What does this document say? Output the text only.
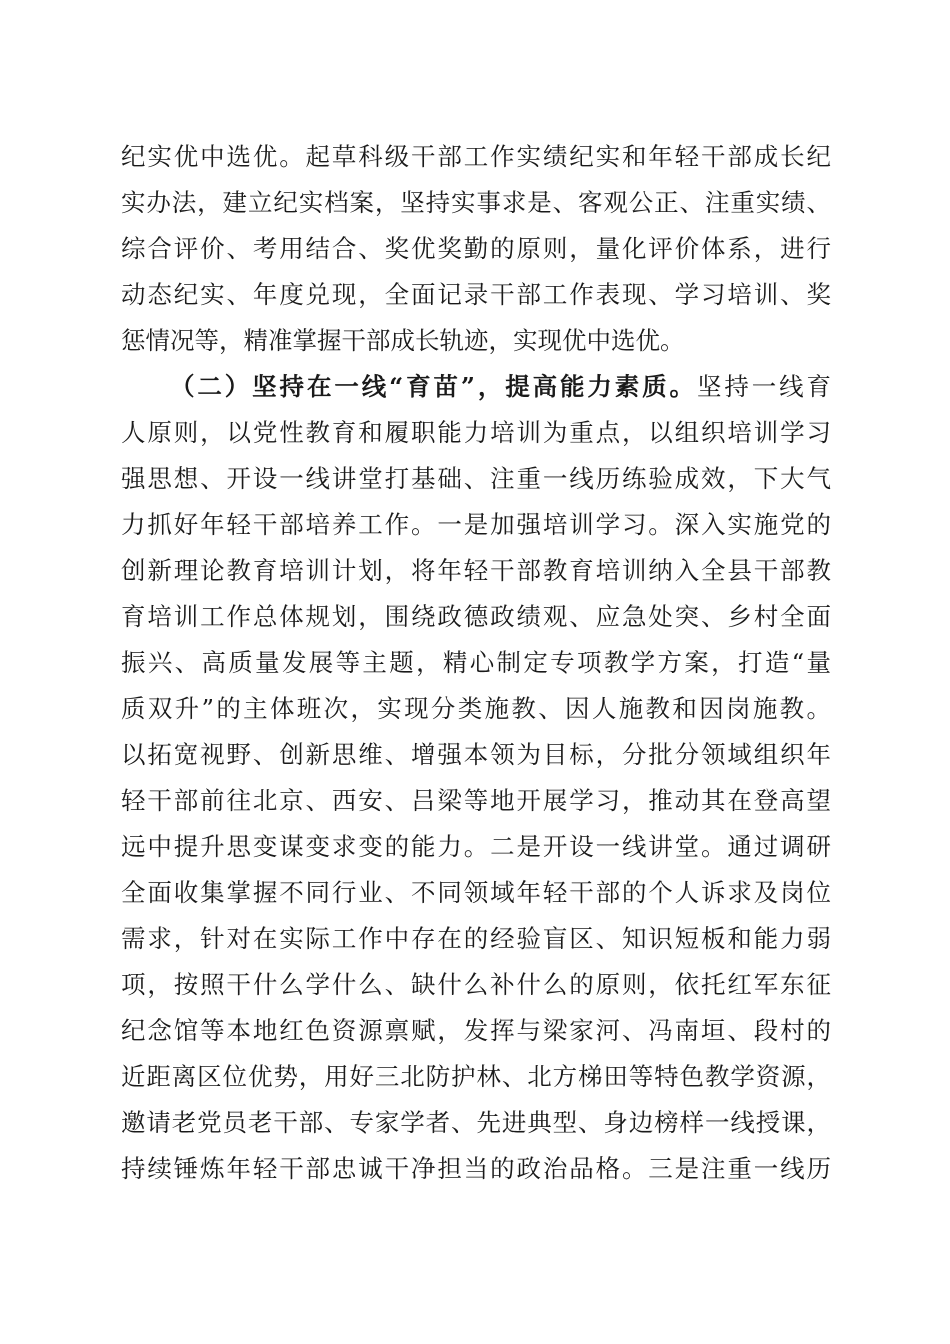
纪实优中选优。起草科级干部工作实绩纪实和年轻干部成长纪
实办法，建立纪实档案，坚持实事求是、客观公正、注重实绩、
综合评价、考用结合、奖优奖勤的原则，量化评价体系，进行
动态纪实、年度兑现，全面记录干部工作表现、学习培训、奖
惩情况等，精准掌握干部成长轨迹，实现优中选优。
（二）坚持在一线“育苗”，提高能力素质。坚持一线育
人原则，以党性教育和履职能力培训为重点，以组织培训学习
强思想、开设一线讲堂打基础、注重一线历练验成效，下大气
力抓好年轻干部培养工作。一是加强培训学习。深入实施党的
创新理论教育培训计划，将年轻干部教育培训纳入全县干部教
育培训工作总体规划，围绕政德政绩观、应急处突、乡村全面
振兴、高质量发展等主题，精心制定专项教学方案，打造“量
质双升”的主体班次，实现分类施教、因人施教和因岗施教。
以拓宽视野、创新思维、增强本领为目标，分批分领域组织年
轻干部前往北京、西安、吕梁等地开展学习，推动其在登高望
远中提升思变谋变求变的能力。二是开设一线讲堂。通过调研
全面收集掌握不同行业、不同领域年轻干部的个人诉求及岗位
需求，针对在实际工作中存在的经验盲区、知识短板和能力弱
项，按照干什么学什么、缺什么补什么的原则，依托红军东征
纪念馆等本地红色资源禀赋，发挥与梁家河、冯南垣、段村的
近距离区位优势，用好三北防护林、北方梯田等特色教学资源，
邀请老党员老干部、专家学者、先进典型、身边榜样一线授课，
持续锤炼年轻干部忠诚干净担当的政治品格。三是注重一线历
